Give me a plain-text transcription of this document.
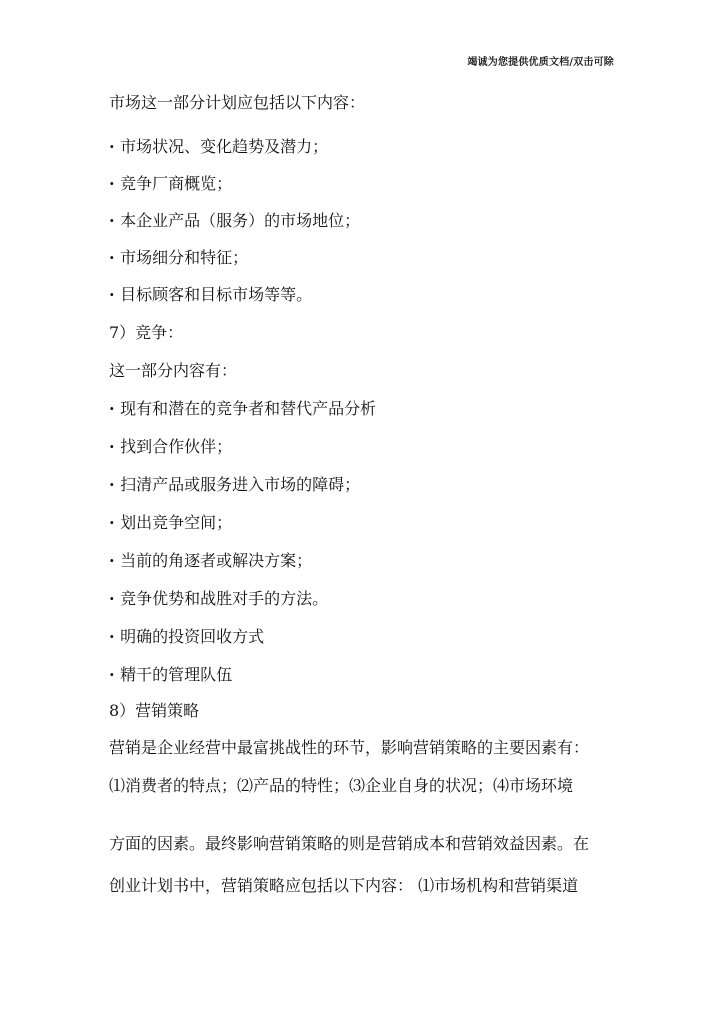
竭诚为您提供优质文档/双击可除
市场这一部分计划应包括以下内容：
· 市场状况、变化趋势及潜力；
· 竞争厂商概览；
· 本企业产品（服务）的市场地位；
· 市场细分和特征；
· 目标顾客和目标市场等等。
7）竞争：
这一部分内容有：
· 现有和潜在的竞争者和替代产品分析
· 找到合作伙伴；
· 扫清产品或服务进入市场的障碍；
· 划出竞争空间；
· 当前的角逐者或解决方案；
· 竞争优势和战胜对手的方法。
· 明确的投资回收方式
· 精干的管理队伍
8）营销策略
营销是企业经营中最富挑战性的环节，影响营销策略的主要因素有：
⑴消费者的特点；⑵产品的特性；⑶企业自身的状况；⑷市场环境
方面的因素。最终影响营销策略的则是营销成本和营销效益因素。在
创业计划书中，营销策略应包括以下内容： ⑴市场机构和营销渠道
